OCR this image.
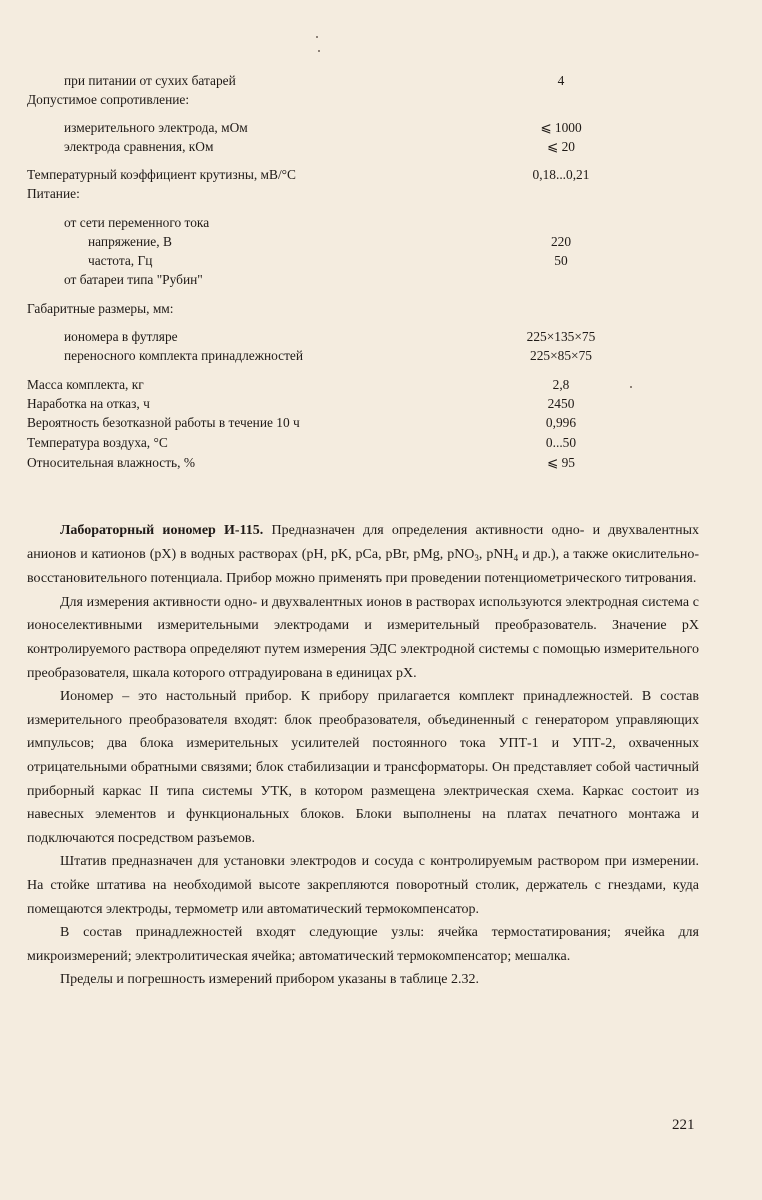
при питании от сухих батарей	4
Допустимое сопротивление:
измерительного электрода, мОм	⩽ 1000
электрода сравнения, кОм	⩽ 20
Температурный коэффициент крутизны, мВ/°С	0,18...0,21
Питание:
от сети переменного тока
напряжение, В	220
частота, Гц	50
от батареи типа "Рубин"
Габаритные размеры, мм:
иономера в футляре	225×135×75
переносного комплекта принадлежностей	225×85×75
Масса комплекта, кг	2,8
Наработка на отказ, ч	2450
Вероятность безотказной работы в течение 10 ч	0,996
Температура воздуха, °С	0...50
Относительная влажность, %	⩽ 95

Лабораторный иономер И-115. Предназначен для определения активности одно- и двухвалентных анионов и катионов (pX) в водных растворах (pH, pK, pCa, pBr, pMg, pNO$_3$, pNH$_4$ и др.), а также окислительно-восстановительного потенциала. Прибор можно применять при проведении потенциометрического титрования.

Для измерения активности одно- и двухвалентных ионов в растворах используются электродная система с ионоселективными измерительными электродами и измерительный преобразователь. Значение pX контролируемого раствора определяют путем измерения ЭДС электродной системы с помощью измерительного преобразователя, шкала которого отградуирована в единицах pX.

Иономер – это настольный прибор. К прибору прилагается комплект принадлежностей. В состав измерительного преобразователя входят: блок преобразователя, объединенный с генератором управляющих импульсов; два блока измерительных усилителей постоянного тока УПТ-1 и УПТ-2, охваченных отрицательными обратными связями; блок стабилизации и трансформаторы. Он представляет собой частичный приборный каркас II типа системы УТК, в котором размещена электрическая схема. Каркас состоит из навесных элементов и функциональных блоков. Блоки выполнены на платах печатного монтажа и подключаются посредством разъемов.

Штатив предназначен для установки электродов и сосуда с контролируемым раствором при измерении. На стойке штатива на необходимой высоте закрепляются поворотный столик, держатель с гнездами, куда помещаются электроды, термометр или автоматический термокомпенсатор.

В состав принадлежностей входят следующие узлы: ячейка термостатирования; ячейка для микроизмерений; электролитическая ячейка; автоматический термокомпенсатор; мешалка.

Пределы и погрешность измерений прибором указаны в таблице 2.32.

221
